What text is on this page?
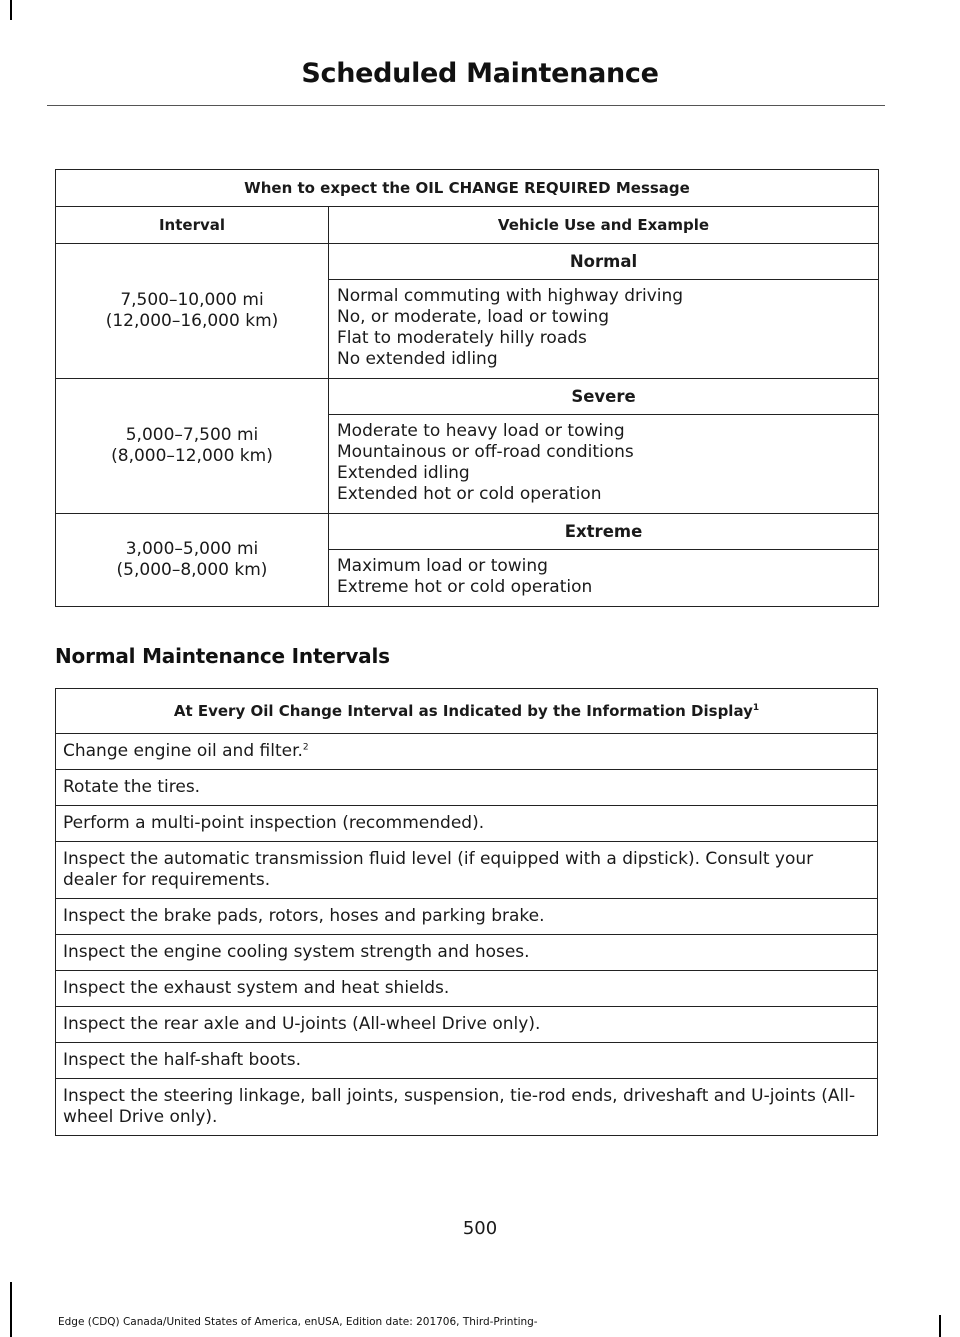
Scheduled Maintenance
When to expect the OIL CHANGE REQUIRED Message	
Interval	Vehicle Use and Example

7,500–10,000 mi
(12,000–16,000 km)	Normal

	Normal commuting with highway driving
No, or moderate, load or towing
Flat to moderately hilly roads
No extended idling

5,000–7,500 mi
(8,000–12,000 km)	Severe

	Moderate to heavy load or towing
Mountainous or off-road conditions
Extended idling
Extended hot or cold operation

3,000–5,000 mi
(5,000–8,000 km)	Extreme

	Maximum load or towing
Extreme hot or cold operation
Normal Maintenance Intervals
At Every Oil Change Interval as Indicated by the Information Display$^1$
Change engine oil and filter.$^2$
Rotate the tires.
Perform a multi-point inspection (recommended).
Inspect the automatic transmission fluid level (if equipped with a dipstick). Consult your dealer for requirements.
Inspect the brake pads, rotors, hoses and parking brake.
Inspect the engine cooling system strength and hoses.
Inspect the exhaust system and heat shields.
Inspect the rear axle and U-joints (All-wheel Drive only).
Inspect the half-shaft boots.
Inspect the steering linkage, ball joints, suspension, tie-rod ends, driveshaft and U-joints (All-wheel Drive only).
500
Edge (CDQ) Canada/United States of America, enUSA, Edition date: 201706, Third-Printing-
